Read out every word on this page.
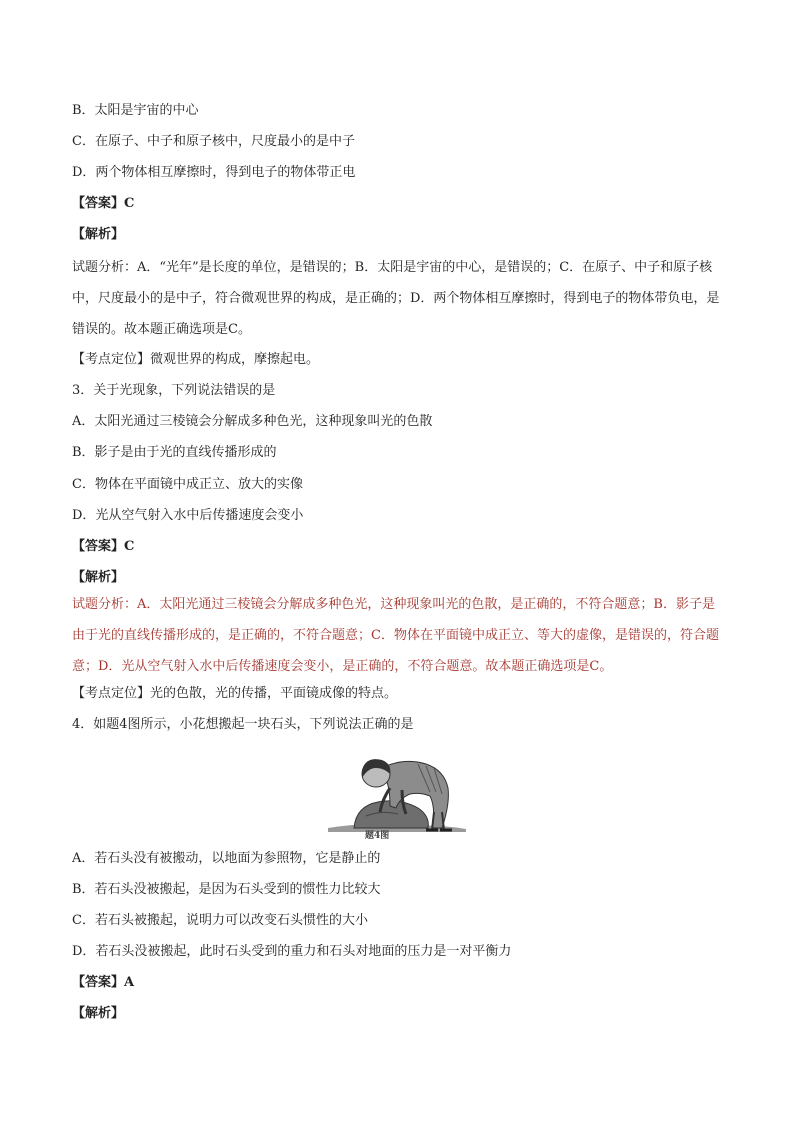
B．太阳是宇宙的中心
C．在原子、中子和原子核中，尺度最小的是中子
D．两个物体相互摩擦时，得到电子的物体带正电
【答案】C
【解析】
试题分析：A．“光年”是长度的单位，是错误的；B．太阳是宇宙的中心，是错误的；C．在原子、中子和原子核中，尺度最小的是中子，符合微观世界的构成，是正确的；D．两个物体相互摩擦时，得到电子的物体带负电，是错误的。故本题正确选项是C。
【考点定位】微观世界的构成，摩擦起电。
3．关于光现象，下列说法错误的是
A．太阳光通过三棱镜会分解成多种色光，这种现象叫光的色散
B．影子是由于光的直线传播形成的
C．物体在平面镜中成正立、放大的实像
D．光从空气射入水中后传播速度会变小
【答案】C
【解析】
试题分析：A．太阳光通过三棱镜会分解成多种色光，这种现象叫光的色散，是正确的，不符合题意；B．影子是由于光的直线传播形成的，是正确的，不符合题意；C．物体在平面镜中成正立、等大的虚像，是错误的，符合题意；D．光从空气射入水中后传播速度会变小，是正确的，不符合题意。故本题正确选项是C。
【考点定位】光的色散，光的传播，平面镜成像的特点。
4．如题4图所示，小花想搬起一块石头，下列说法正确的是
题4图
A．若石头没有被搬动，以地面为参照物，它是静止的
B．若石头没被搬起，是因为石头受到的惯性力比较大
C．若石头被搬起，说明力可以改变石头惯性的大小
D．若石头没被搬起，此时石头受到的重力和石头对地面的压力是一对平衡力
【答案】A
【解析】
